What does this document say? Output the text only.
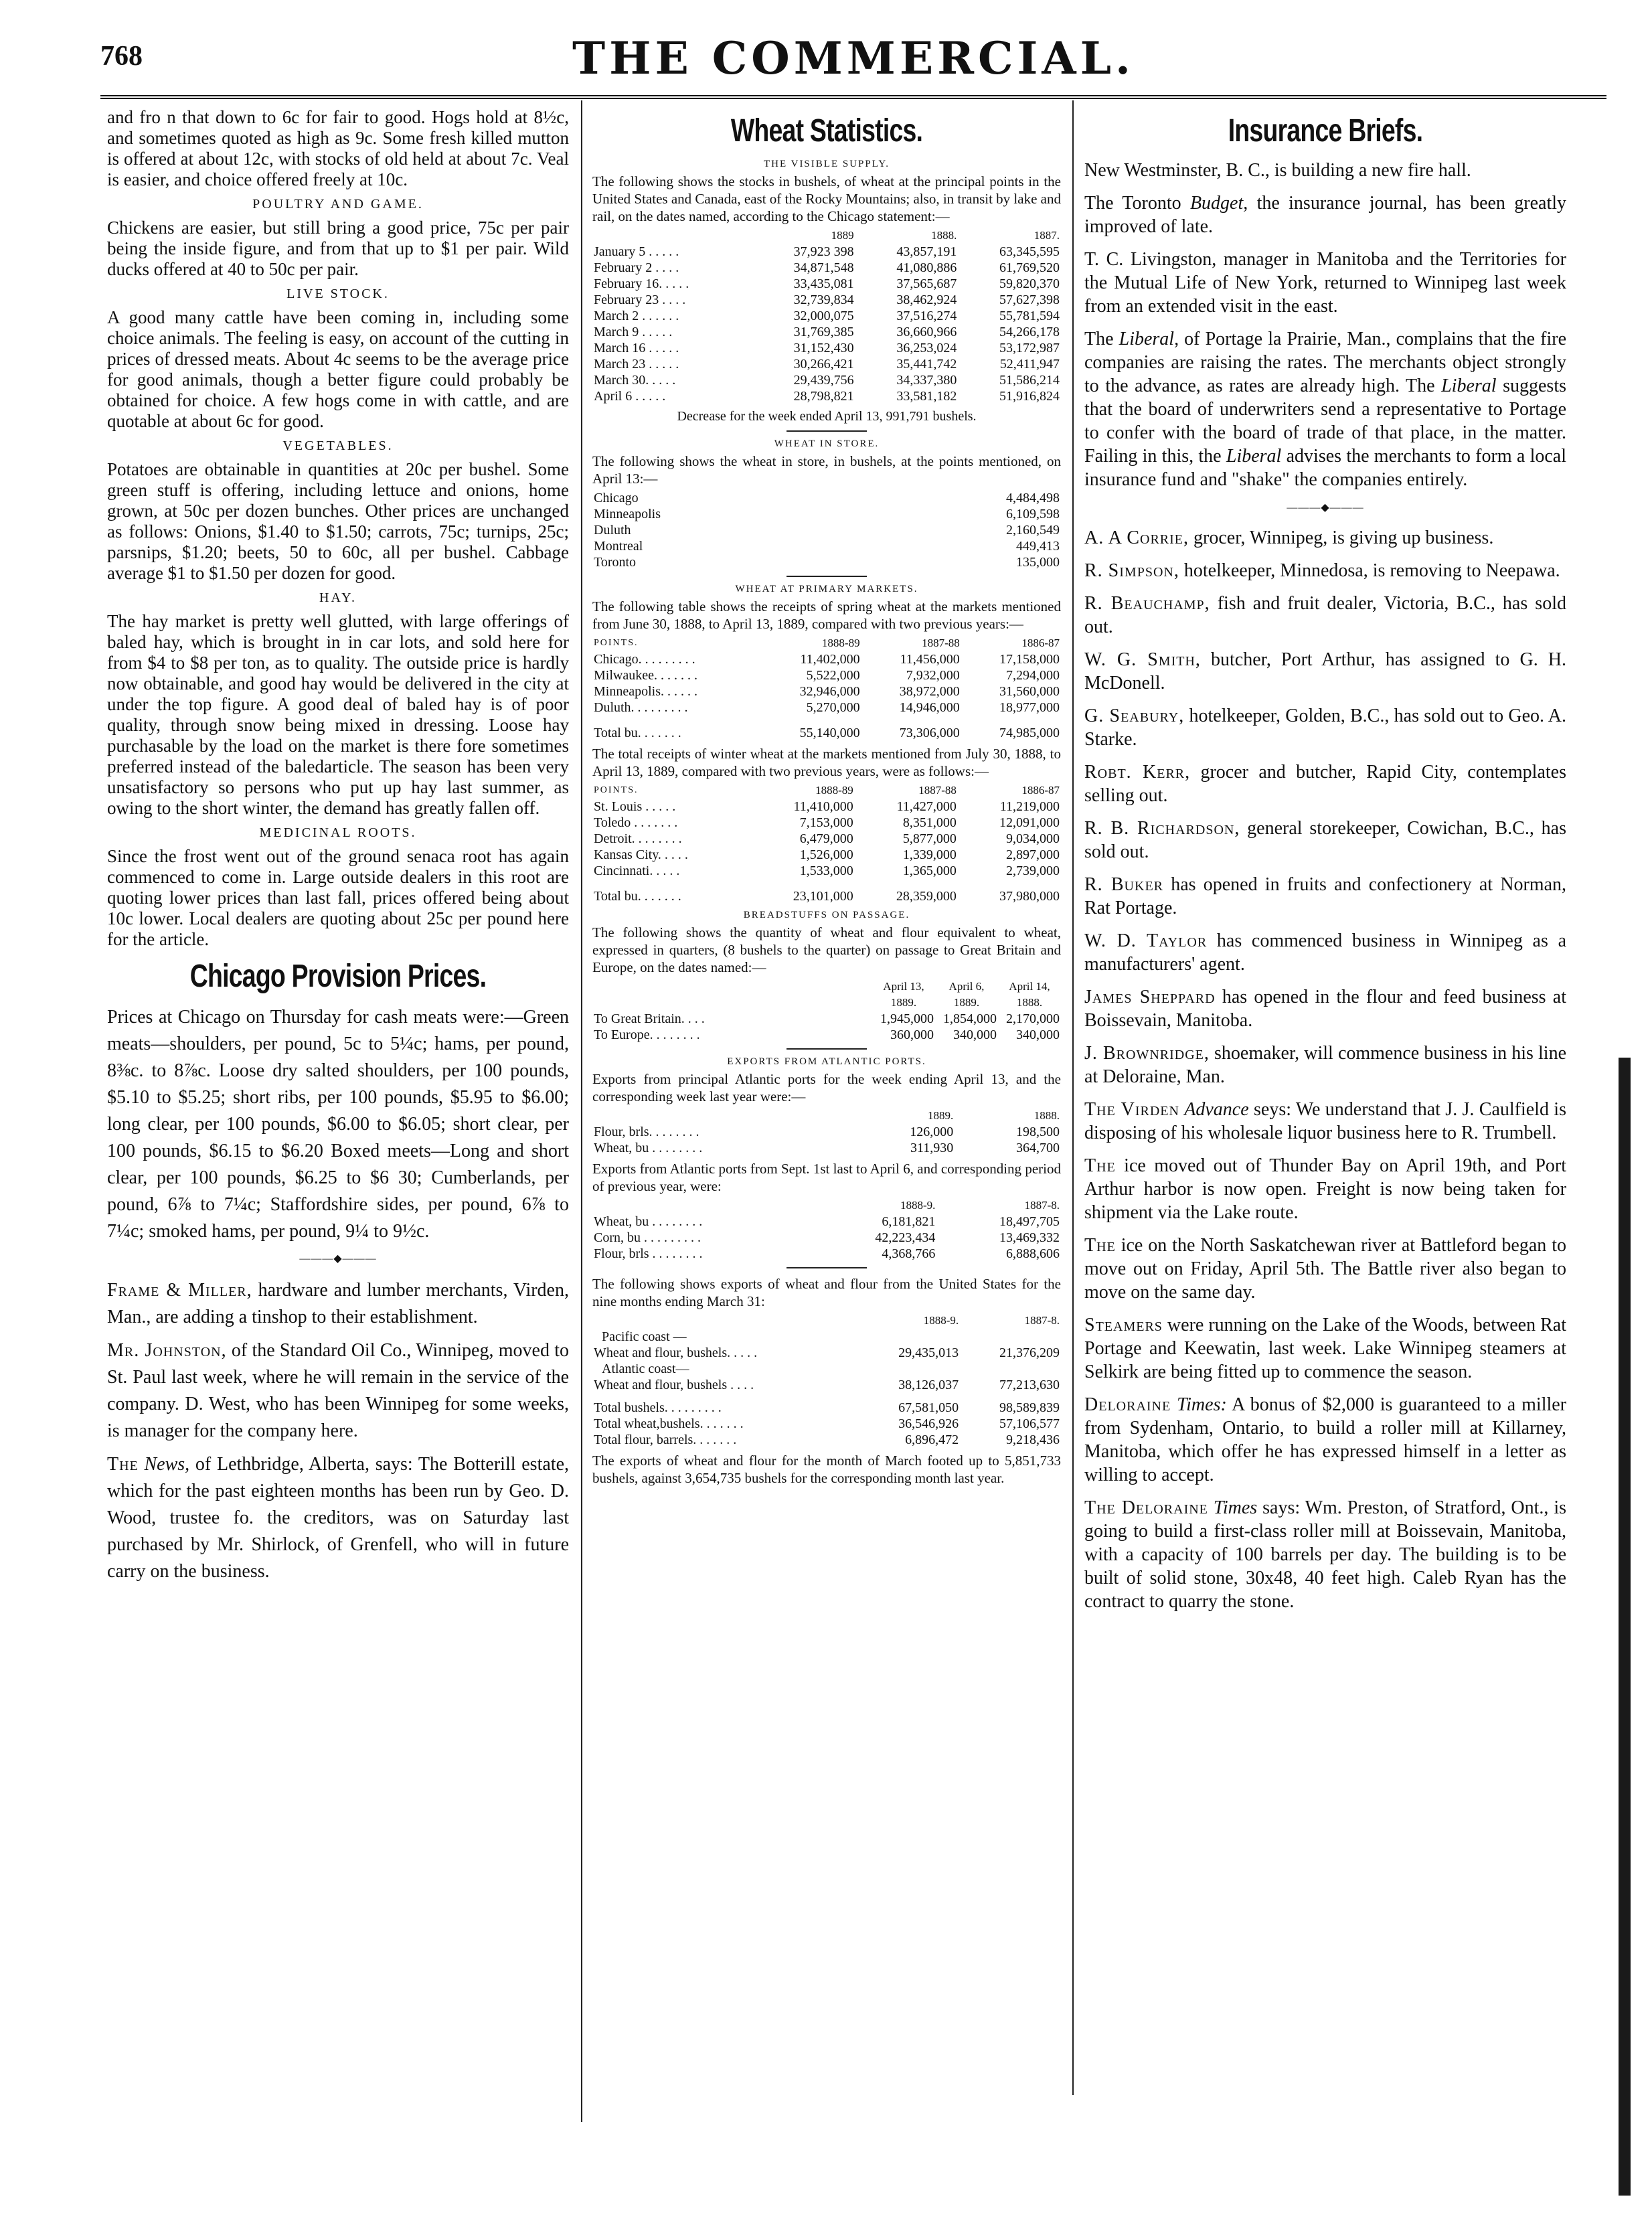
768	THE COMMERCIAL.

and fro n that down to 6c for fair to good. Hogs hold at 8½c, and sometimes quoted as high as 9c. Some fresh killed mutton is offered at about 12c, with stocks of old held at about 7c. Veal is easier, and choice offered freely at 10c.

POULTRY AND GAME.

Chickens are easier, but still bring a good price, 75c per pair being the inside figure, and from that up to $1 per pair. Wild ducks offered at 40 to 50c per pair.

LIVE STOCK.

A good many cattle have been coming in, including some choice animals. The feeling is easy, on account of the cutting in prices of dressed meats. About 4c seems to be the average price for good animals, though a better figure could probably be obtained for choice. A few hogs come in with cattle, and are quotable at about 6c for good.

VEGETABLES.

Potatoes are obtainable in quantities at 20c per bushel. Some green stuff is offering, including lettuce and onions, home grown, at 50c per dozen bunches. Other prices are unchanged as follows: Onions, $1.40 to $1.50; carrots, 75c; turnips, 25c; parsnips, $1.20; beets, 50 to 60c, all per bushel. Cabbage average $1 to $1.50 per dozen for good.

HAY.

The hay market is pretty well glutted, with large offerings of baled hay, which is brought in in car lots, and sold here for from $4 to $8 per ton, as to quality. The outside price is hardly now obtainable, and good hay would be delivered in the city at under the top figure. A good deal of baled hay is of poor quality, through snow being mixed in dressing. Loose hay purchasable by the load on the market is there fore sometimes preferred instead of the baledarticle. The season has been very unsatisfactory so persons who put up hay last summer, as owing to the short winter, the demand has greatly fallen off.

MEDICINAL ROOTS.

Since the frost went out of the ground senaca root has again commenced to come in. Large outside dealers in this root are quoting lower prices than last fall, prices offered being about 10c lower. Local dealers are quoting about 25c per pound here for the article.

Chicago Provision Prices.

Prices at Chicago on Thursday for cash meats were:—Green meats—shoulders, per pound, 5c to 5¼c; hams, per pound, 8⅜c. to 8⅞c. Loose dry salted shoulders, per 100 pounds, $5.10 to $5.25; short ribs, per 100 pounds, $5.95 to $6.00; long clear, per 100 pounds, $6.00 to $6.05; short clear, per 100 pounds, $6.15 to $6.20 Boxed meets—Long and short clear, per 100 pounds, $6.25 to $6 30; Cumberlands, per pound, 6⅞ to 7¼c; Staffordshire sides, per pound, 6⅞ to 7¼c; smoked hams, per pound, 9¼ to 9½c.

———◆———

Frame & Miller, hardware and lumber merchants, Virden, Man., are adding a tinshop to their establishment.

Mr. Johnston, of the Standard Oil Co., Winnipeg, moved to St. Paul last week, where he will remain in the service of the company. D. West, who has been Winnipeg for some weeks, is manager for the company here.

The News, of Lethbridge, Alberta, says: The Botterill estate, which for the past eighteen months has been run by Geo. D. Wood, trustee fo. the creditors, was on Saturday last purchased by Mr. Shirlock, of Grenfell, who will in future carry on the business.

Wheat Statistics.
THE VISIBLE SUPPLY.

The following shows the stocks in bushels, of wheat at the principal points in the United States and Canada, east of the Rocky Mountains; also, in transit by lake and rail, on the dates named, according to the Chicago statement:—

	1889	1888.	1887.
January 5 . . . . .	37,923 398	43,857,191	63,345,595
February 2 . . . .	34,871,548	41,080,886	61,769,520
February 16. . . . .	33,435,081	37,565,687	59,820,370
February 23 . . . .	32,739,834	38,462,924	57,627,398
March 2 . . . . . .	32,000,075	37,516,274	55,781,594
March 9 . . . . .	31,769,385	36,660,966	54,266,178
March 16 . . . . .	31,152,430	36,253,024	53,172,987
March 23 . . . . .	30,266,421	35,441,742	52,411,947
March 30. . . . .	29,439,756	34,337,380	51,586,214
April 6 . . . . .	28,798,821	33,581,182	51,916,824
Decrease for the week ended April 13, 991,791 bushels.
WHEAT IN STORE.

The following shows the wheat in store, in bushels, at the points mentioned, on April 13:—

Chicago	4,484,498
Minneapolis	6,109,598
Duluth	2,160,549
Montreal	449,413
Toronto	135,000
WHEAT AT PRIMARY MARKETS.

The following table shows the receipts of spring wheat at the markets mentioned from June 30, 1888, to April 13, 1889, compared with two previous years:—

POINTS.	1888-89	1887-88	1886-87
Chicago. . . . . . . . .	11,402,000	11,456,000	17,158,000
Milwaukee. . . . . . .	5,522,000	7,932,000	7,294,000
Minneapolis. . . . . .	32,946,000	38,972,000	31,560,000
Duluth. . . . . . . . .	5,270,000	14,946,000	18,977,000

Total bu. . . . . . .	55,140,000	73,306,000	74,985,000

The total receipts of winter wheat at the markets mentioned from July 30, 1888, to April 13, 1889, compared with two previous years, were as follows:—

POINTS.	1888-89	1887-88	1886-87
St. Louis . . . . .	11,410,000	11,427,000	11,219,000
Toledo . . . . . . .	7,153,000	8,351,000	12,091,000
Detroit. . . . . . . .	6,479,000	5,877,000	9,034,000
Kansas City. . . . .	1,526,000	1,339,000	2,897,000
Cincinnati. . . . .	1,533,000	1,365,000	2,739,000

Total bu. . . . . . .	23,101,000	28,359,000	37,980,000
BREADSTUFFS ON PASSAGE.

The following shows the quantity of wheat and flour equivalent to wheat, expressed in quarters, (8 bushels to the quarter) on passage to Great Britain and Europe, on the dates named:—

	April 13, 1889.	April 6, 1889.	April 14, 1888.
To Great Britain. . . .	1,945,000	1,854,000	2,170,000
To Europe. . . . . . . .	360,000	340,000	340,000
EXPORTS FROM ATLANTIC PORTS.

Exports from principal Atlantic ports for the week ending April 13, and the corresponding week last year were:—

	1889.	1888.
Flour, brls. . . . . . . .	126,000	198,500
Wheat, bu . . . . . . . .	311,930	364,700

Exports from Atlantic ports from Sept. 1st last to April 6, and corresponding period of previous year, were:

	1888-9.	1887-8.
Wheat, bu . . . . . . . .	6,181,821	18,497,705
Corn, bu . . . . . . . . .	42,223,434	13,469,332
Flour, brls . . . . . . . .	4,368,766	6,888,606

The following shows exports of wheat and flour from the United States for the nine months ending March 31:

	1888-9.	1887-8.
Pacific coast —		
Wheat and flour, bushels. . . . .	29,435,013	21,376,209
Atlantic coast—		
Wheat and flour, bushels . . . .	38,126,037	77,213,630

Total bushels. . . . . . . . .	67,581,050	98,589,839
Total wheat,bushels. . . . . . .	36,546,926	57,106,577
Total flour, barrels. . . . . . .	6,896,472	9,218,436

The exports of wheat and flour for the month of March footed up to 5,851,733 bushels, against 3,654,735 bushels for the corresponding month last year.

Insurance Briefs.

New Westminster, B. C., is building a new fire hall.

The Toronto Budget, the insurance journal, has been greatly improved of late.

T. C. Livingston, manager in Manitoba and the Territories for the Mutual Life of New York, returned to Winnipeg last week from an extended visit in the east.

The Liberal, of Portage la Prairie, Man., complains that the fire companies are raising the rates. The merchants object strongly to the advance, as rates are already high. The Liberal suggests that the board of underwriters send a representative to Portage to confer with the board of trade of that place, in the matter. Failing in this, the Liberal advises the merchants to form a local insurance fund and "shake" the companies entirely.

———◆———

A. A Corrie, grocer, Winnipeg, is giving up business.

R. Simpson, hotelkeeper, Minnedosa, is removing to Neepawa.

R. Beauchamp, fish and fruit dealer, Victoria, B.C., has sold out.

W. G. Smith, butcher, Port Arthur, has assigned to G. H. McDonell.

G. Seabury, hotelkeeper, Golden, B.C., has sold out to Geo. A. Starke.

Robt. Kerr, grocer and butcher, Rapid City, contemplates selling out.

R. B. Richardson, general storekeeper, Cowichan, B.C., has sold out.

R. Buker has opened in fruits and confectionery at Norman, Rat Portage.

W. D. Taylor has commenced business in Winnipeg as a manufacturers' agent.

James Sheppard has opened in the flour and feed business at Boissevain, Manitoba.

J. Brownridge, shoemaker, will commence business in his line at Deloraine, Man.

The Virden Advance seys: We understand that J. J. Caulfield is disposing of his wholesale liquor business here to R. Trumbell.

The ice moved out of Thunder Bay on April 19th, and Port Arthur harbor is now open. Freight is now being taken for shipment via the Lake route.

The ice on the North Saskatchewan river at Battleford began to move out on Friday, April 5th. The Battle river also began to move on the same day.

Steamers were running on the Lake of the Woods, between Rat Portage and Keewatin, last week. Lake Winnipeg steamers at Selkirk are being fitted up to commence the season.

Deloraine Times: A bonus of $2,000 is guaranteed to a miller from Sydenham, Ontario, to build a roller mill at Killarney, Manitoba, which offer he has expressed himself in a letter as willing to accept.

The Deloraine Times says: Wm. Preston, of Stratford, Ont., is going to build a first-class roller mill at Boissevain, Manitoba, with a capacity of 100 barrels per day. The building is to be built of solid stone, 30x48, 40 feet high. Caleb Ryan has the contract to quarry the stone.
